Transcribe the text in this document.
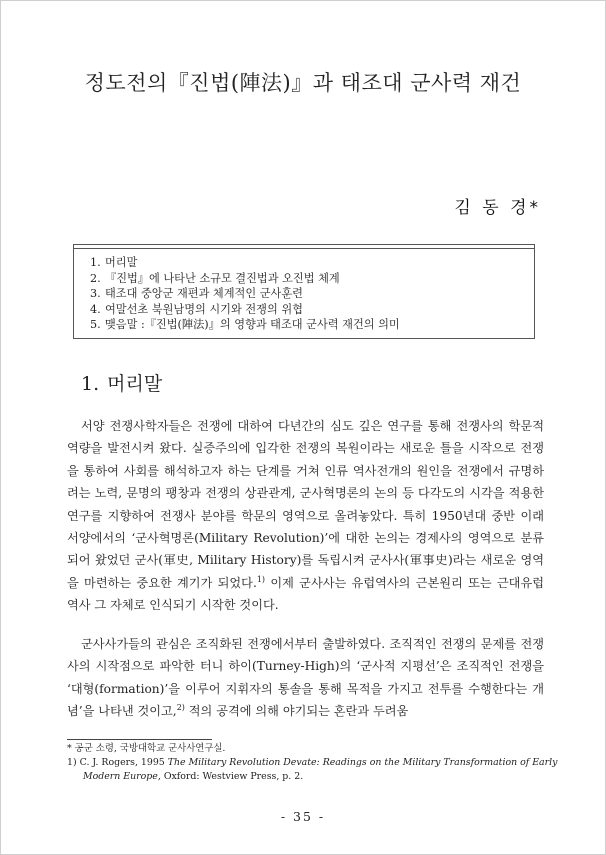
정도전의『진법(陣法)』과 태조대 군사력 재건
김 동 경*
1. 머리말
2. 『진법』에 나타난 소규모 결진법과 오진법 체계
3. 태조대 중앙군 재편과 체계적인 군사훈련
4. 여말선초 북원남명의 시기와 전쟁의 위협
5. 맺음말 :『진법(陣法)』의 영향과 태조대 군사력 재건의 의미
1. 머리말

서양 전쟁사학자들은 전쟁에 대하여 다년간의 심도 깊은 연구를 통해 전쟁사의 학문적 역량을 발전시켜 왔다. 실증주의에 입각한 전쟁의 복원이라는 새로운 틀을 시작으로 전쟁을 통하여 사회를 해석하고자 하는 단계를 거쳐 인류 역사전개의 원인을 전쟁에서 규명하려는 노력, 문명의 팽창과 전쟁의 상관관계, 군사혁명론의 논의 등 다각도의 시각을 적용한 연구를 지향하여 전쟁사 분야를 학문의 영역으로 올려놓았다. 특히 1950년대 중반 이래 서양에서의 ‘군사혁명론(Military Revolution)’에 대한 논의는 경제사의 영역으로 분류되어 왔었던 군사(軍史, Military History)를 독립시켜 군사사(軍事史)라는 새로운 영역을 마련하는 중요한 계기가 되었다.$^{1)}$ 이제 군사사는 유럽역사의 근본원리 또는 근대유럽 역사 그 자체로 인식되기 시작한 것이다.

군사사가들의 관심은 조직화된 전쟁에서부터 출발하였다. 조직적인 전쟁의 문제를 전쟁사의 시작점으로 파악한 터니 하이(Turney-High)의 ‘군사적 지평선’은 조직적인 전쟁을 ‘대형(formation)’을 이루어 지휘자의 통솔을 통해 목적을 가지고 전투를 수행한다는 개념’을 나타낸 것이고,$^{2)}$ 적의 공격에 의해 야기되는 혼란과 두려움

* 공군 소령, 국방대학교 군사사연구실.
1) C. J. Rogers, 1995 The Military Revolution Devate: Readings on the Military Transformation of Early
Modern Europe, Oxford: Westview Press, p. 2.
- 35 -
